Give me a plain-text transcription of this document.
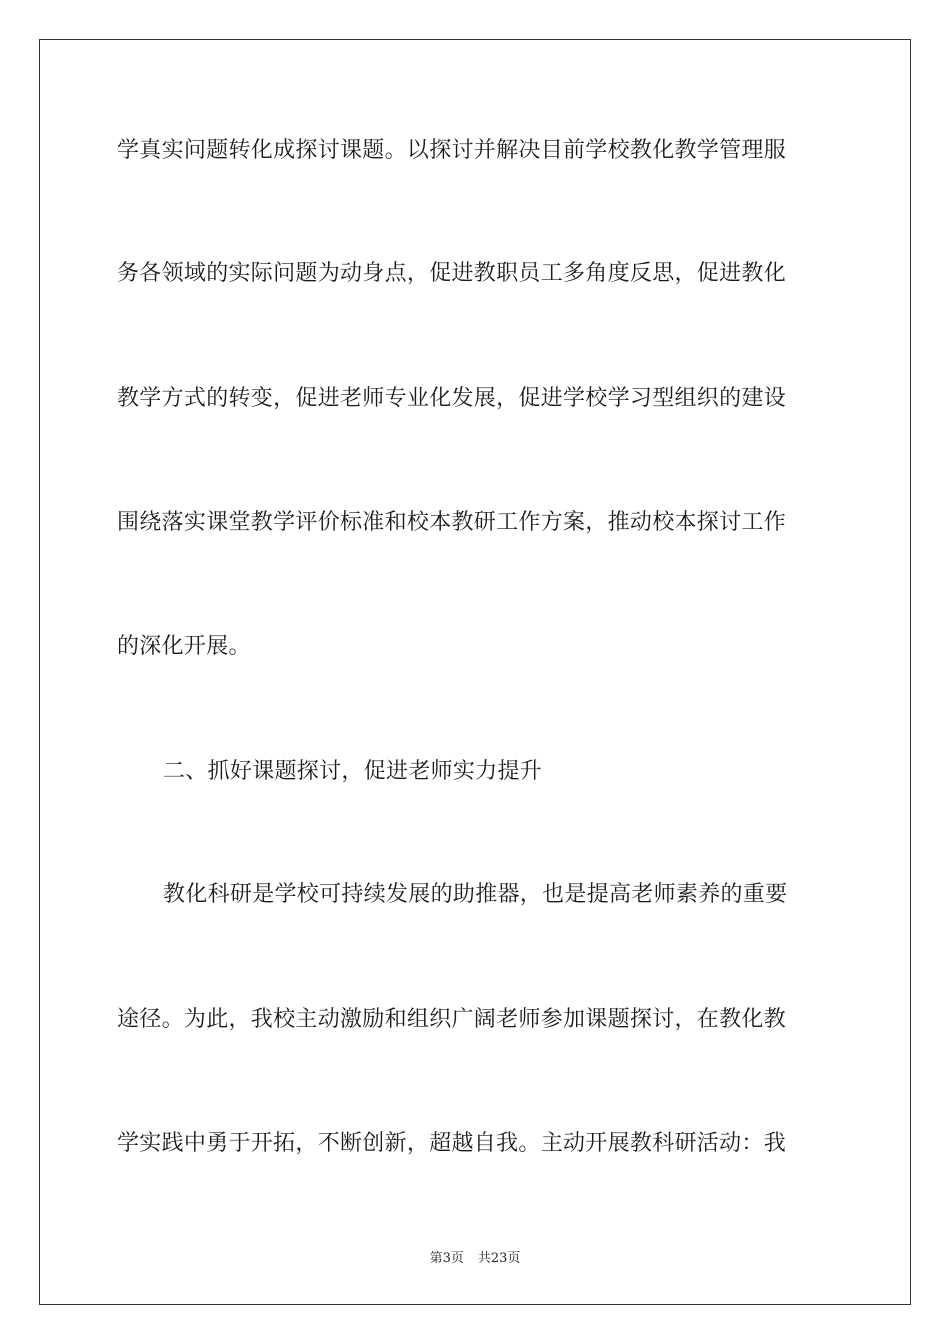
学真实问题转化成探讨课题。以探讨并解决目前学校教化教学管理服
务各领域的实际问题为动身点，促进教职员工多角度反思，促进教化
教学方式的转变，促进老师专业化发展，促进学校学习型组织的建设
围绕落实课堂教学评价标准和校本教研工作方案，推动校本探讨工作
的深化开展。
二、抓好课题探讨，促进老师实力提升
教化科研是学校可持续发展的助推器，也是提高老师素养的重要
途径。为此，我校主动激励和组织广阔老师参加课题探讨，在教化教
学实践中勇于开拓，不断创新，超越自我。主动开展教科研活动：我
第3页 共23页
